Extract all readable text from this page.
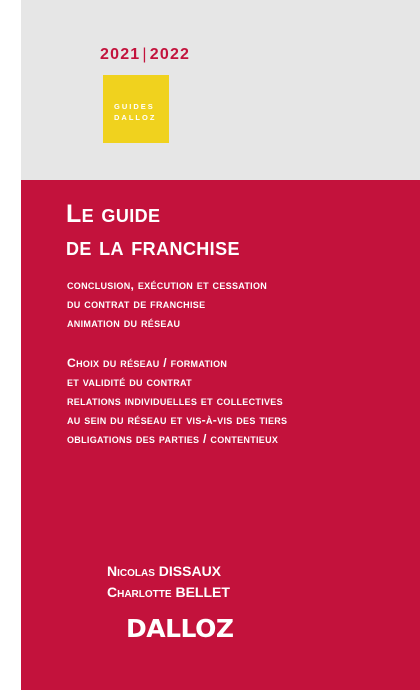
2021 | 2022
GUIDES
DALLOZ
Le guide
de la franchise
conclusion, exécution et cessation
du contrat de franchise
animation du réseau
Choix du réseau / formation
et validité du contrat
relations individuelles et collectives
au sein du réseau et vis-à-vis des tiers
obligations des parties / contentieux
Nicolas DISSAUX
Charlotte BELLET
DALLOZ
